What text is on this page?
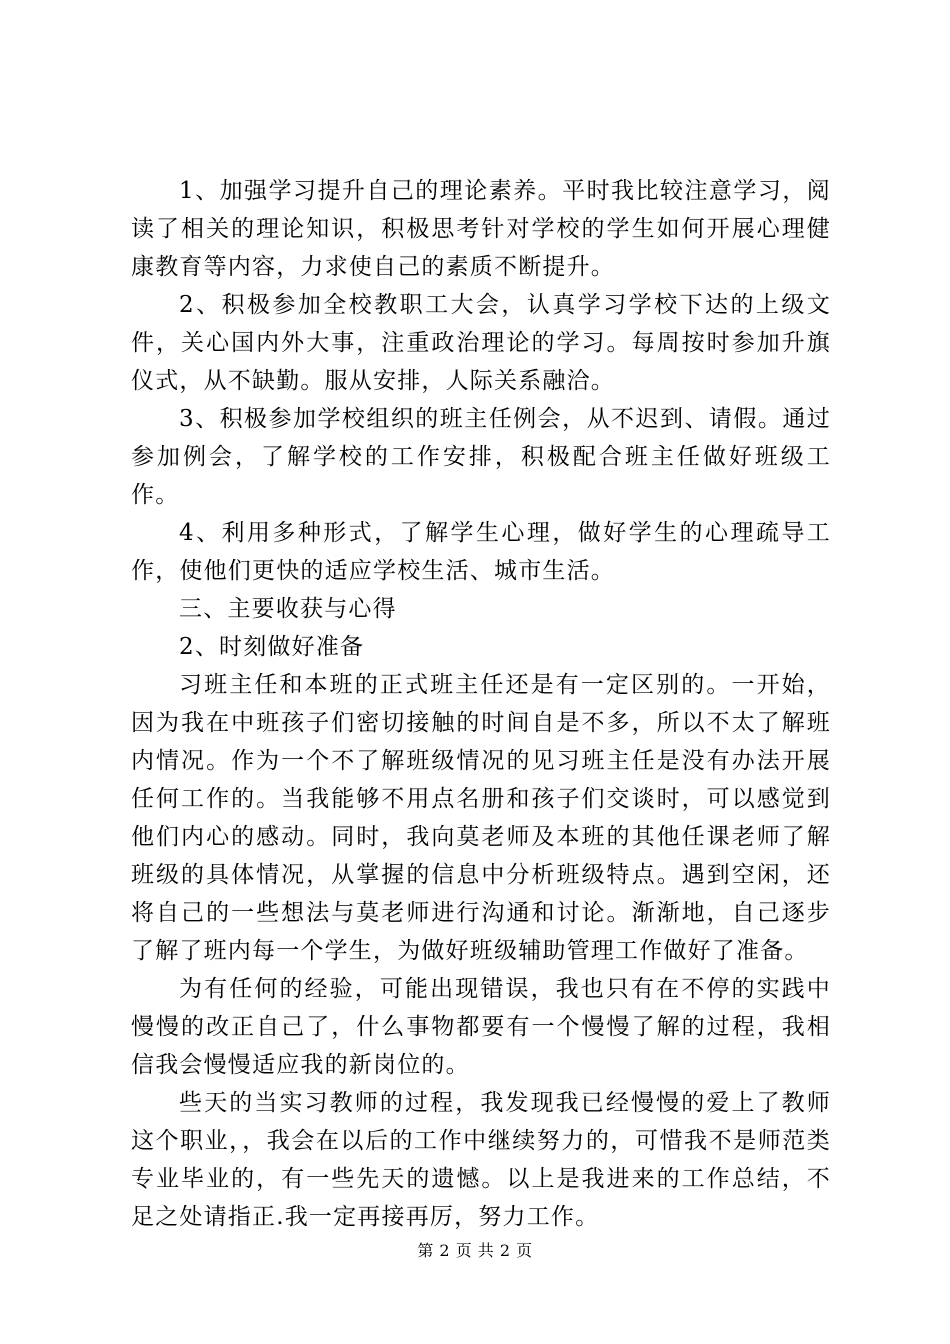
1、加强学习提升自己的理论素养。平时我比较注意学习，阅读了相关的理论知识，积极思考针对学校的学生如何开展心理健康教育等内容，力求使自己的素质不断提升。

2、积极参加全校教职工大会，认真学习学校下达的上级文件，关心国内外大事，注重政治理论的学习。每周按时参加升旗仪式，从不缺勤。服从安排，人际关系融洽。

3、积极参加学校组织的班主任例会，从不迟到、请假。通过参加例会，了解学校的工作安排，积极配合班主任做好班级工作。

4、利用多种形式，了解学生心理，做好学生的心理疏导工作，使他们更快的适应学校生活、城市生活。

三、主要收获与心得

2、时刻做好准备

习班主任和本班的正式班主任还是有一定区别的。一开始，因为我在中班孩子们密切接触的时间自是不多，所以不太了解班内情况。作为一个不了解班级情况的见习班主任是没有办法开展任何工作的。当我能够不用点名册和孩子们交谈时，可以感觉到他们内心的感动。同时，我向莫老师及本班的其他任课老师了解班级的具体情况，从掌握的信息中分析班级特点。遇到空闲，还将自己的一些想法与莫老师进行沟通和讨论。渐渐地，自己逐步了解了班内每一个学生，为做好班级辅助管理工作做好了准备。

为有任何的经验，可能出现错误，我也只有在不停的实践中慢慢的改正自己了，什么事物都要有一个慢慢了解的过程，我相信我会慢慢适应我的新岗位的。

些天的当实习教师的过程，我发现我已经慢慢的爱上了教师这个职业，，我会在以后的工作中继续努力的，可惜我不是师范类专业毕业的，有一些先天的遗憾。以上是我进来的工作总结，不足之处请指正.我一定再接再厉，努力工作。

第 2 页 共 2 页
